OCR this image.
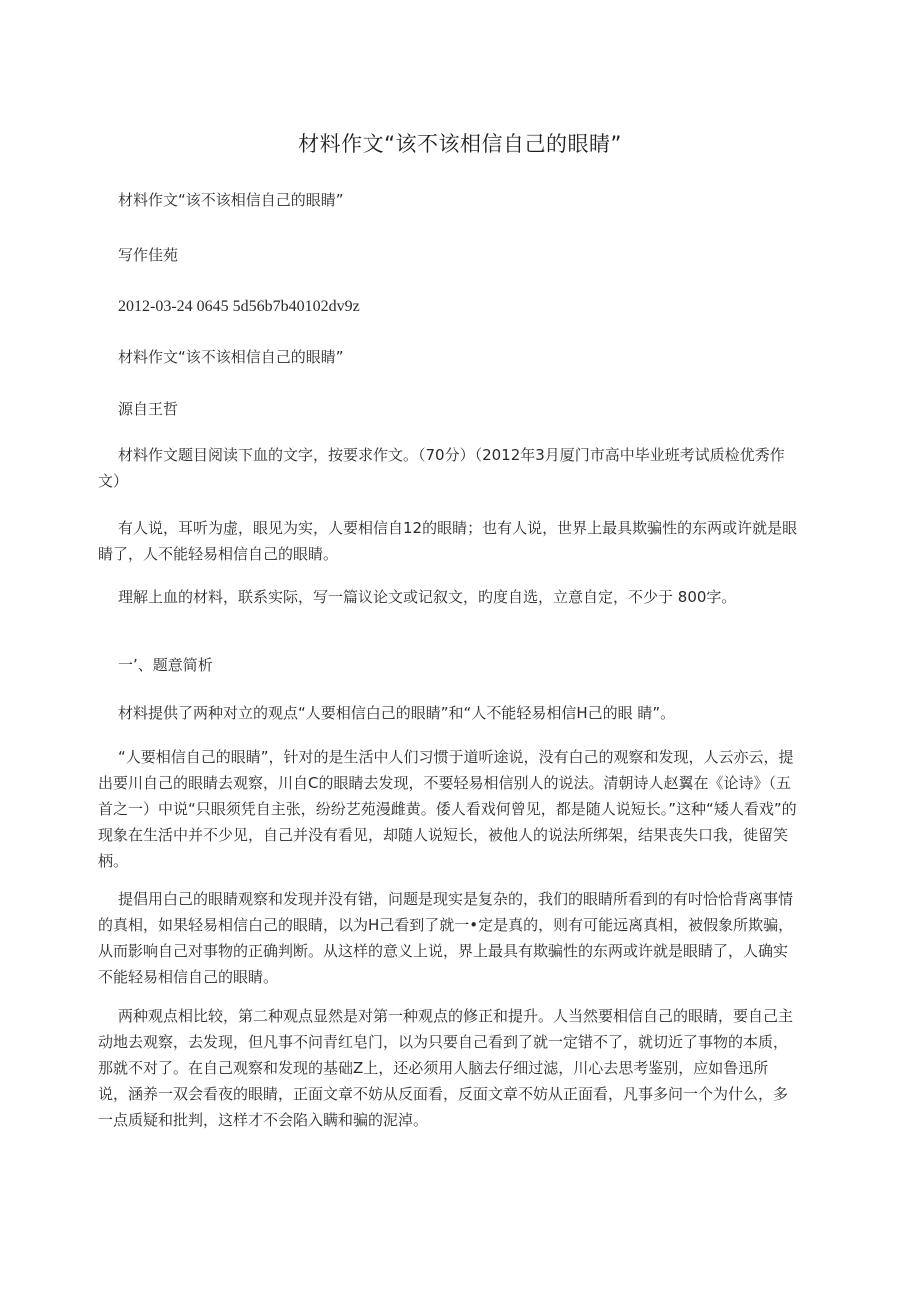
材料作文“该不该相信自己的眼睛”
材料作文“该不该相信自己的眼睛”
写作佳苑
2012-03-24 0645 5d56b7b40102dv9z
材料作文“该不该相信自己的眼睛”
源自王哲
材料作文题目阅读下血的文字，按要求作文。（70分）（2012年3月厦门市高中毕业班考试质检优秀作文）
有人说，耳听为虚，眼见为实，人要相信自12的眼睛；也有人说，世界上最具欺骗性的东两或许就是眼睛了，人不能轻易相信自己的眼睛。
理解上血的材料，联系实际，写一篇议论文或记叙文，旳度自选，立意自定，不少于 800字。
一’、题意简析
材料提供了两种对立的观点“人要相信白己的眼睛”和“人不能轻易相信H己的眼 睛”。
“人要相信自己的眼睛”，针对的是生活中人们习惯于道听途说，没有白己的观察和发现，人云亦云，提出要川自己的眼睛去观察，川自C的眼睛去发现，不要轻易相信别人的说法。清朝诗人赵翼在《论诗》（五首之一）中说“只眼须凭自主张，纷纷艺苑漫雌黄。倭人看戏何曾见，都是随人说短长。”这种“矮人看戏”的现象在生活中并不少见，自己并没有看见，却随人说短长，被他人的说法所绑架，结果丧失口我，徙留笑柄。
提倡用白己的眼睛观察和发现并没有错，问题是现实是复杂的，我们的眼睛所看到的有吋恰恰背离事情的真相，如果轻易相信白己的眼睛，以为H己看到了就一•定是真的，则有可能远离真相，被假象所欺骗，从而影响自己对事物的正确判断。从这样的意义上说，界上最具有欺骗性的东两或许就是眼睛了，人确实不能轻易相信自己的眼睛。
两种观点相比较，第二种观点显然是对第一种观点的修正和提升。人当然要相信自己的眼睛，要自己主动地去观察，去发现，但凡事不问青红皂门，以为只要自己看到了就一定错不了，就切近了事物的本质，那就不对了。在自己观察和发现的基础Z上，还必须用人脑去仔细过滤，川心去思考鉴别，应如鲁迅所说，涵养一双会看夜的眼睛，正面文章不妨从反面看，反面文章不妨从正面看，凡事多问一个为什么，多一点质疑和批判，这样才不会陷入瞒和骗的泥淖。
